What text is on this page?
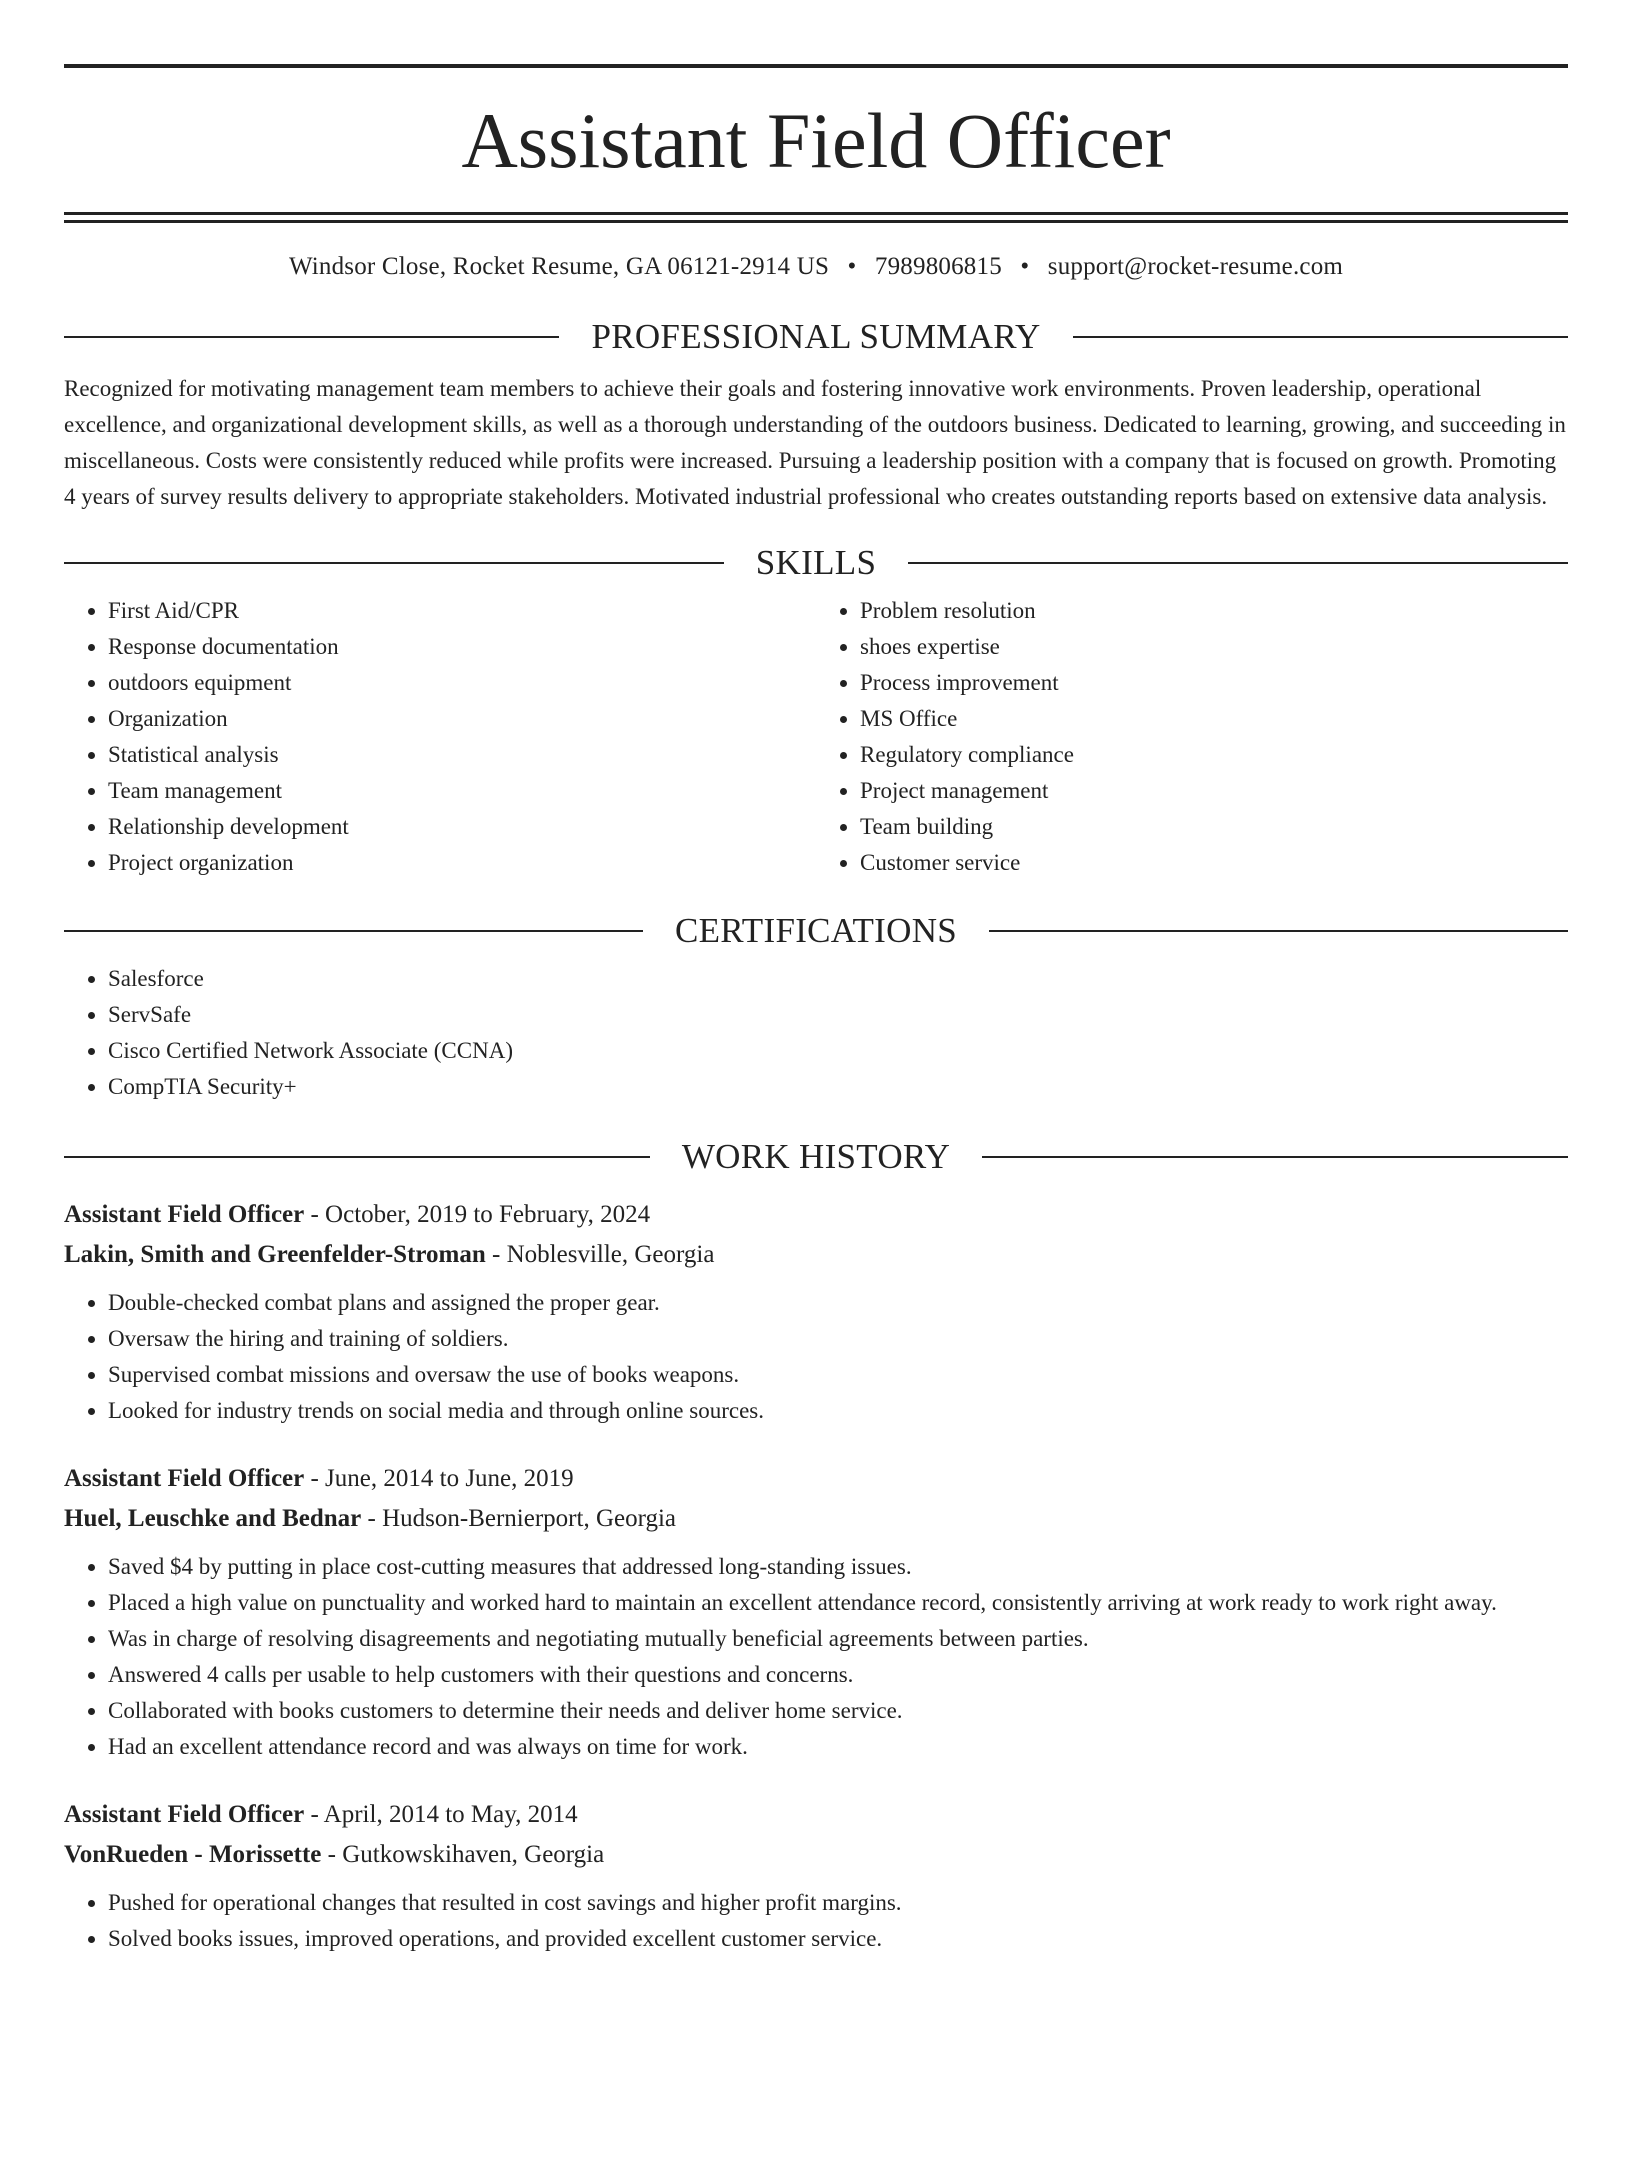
Assistant Field Officer
Windsor Close, Rocket Resume, GA 06121-2914 US • 7989806815 • support@rocket-resume.com
PROFESSIONAL SUMMARY

Recognized for motivating management team members to achieve their goals and fostering innovative work environments. Proven leadership, operational excellence, and organizational development skills, as well as a thorough understanding of the outdoors business. Dedicated to learning, growing, and succeeding in miscellaneous. Costs were consistently reduced while profits were increased. Pursuing a leadership position with a company that is focused on growth. Promoting 4 years of survey results delivery to appropriate stakeholders. Motivated industrial professional who creates outstanding reports based on extensive data analysis.

SKILLS
• First Aid/CPR
• Response documentation
• outdoors equipment
• Organization
• Statistical analysis
• Team management
• Relationship development
• Project organization
• Problem resolution
• shoes expertise
• Process improvement
• MS Office
• Regulatory compliance
• Project management
• Team building
• Customer service
CERTIFICATIONS
• Salesforce
• ServSafe
• Cisco Certified Network Associate (CCNA)
• CompTIA Security+
WORK HISTORY
Assistant Field Officer - October, 2019 to February, 2024
Lakin, Smith and Greenfelder-Stroman - Noblesville, Georgia
• Double-checked combat plans and assigned the proper gear.
• Oversaw the hiring and training of soldiers.
• Supervised combat missions and oversaw the use of books weapons.
• Looked for industry trends on social media and through online sources.
Assistant Field Officer - June, 2014 to June, 2019
Huel, Leuschke and Bednar - Hudson-Bernierport, Georgia
• Saved $4 by putting in place cost-cutting measures that addressed long-standing issues.
• Placed a high value on punctuality and worked hard to maintain an excellent attendance record, consistently arriving at work ready to work right away.
• Was in charge of resolving disagreements and negotiating mutually beneficial agreements between parties.
• Answered 4 calls per usable to help customers with their questions and concerns.
• Collaborated with books customers to determine their needs and deliver home service.
• Had an excellent attendance record and was always on time for work.
Assistant Field Officer - April, 2014 to May, 2014
VonRueden - Morissette - Gutkowskihaven, Georgia
• Pushed for operational changes that resulted in cost savings and higher profit margins.
• Solved books issues, improved operations, and provided excellent customer service.
